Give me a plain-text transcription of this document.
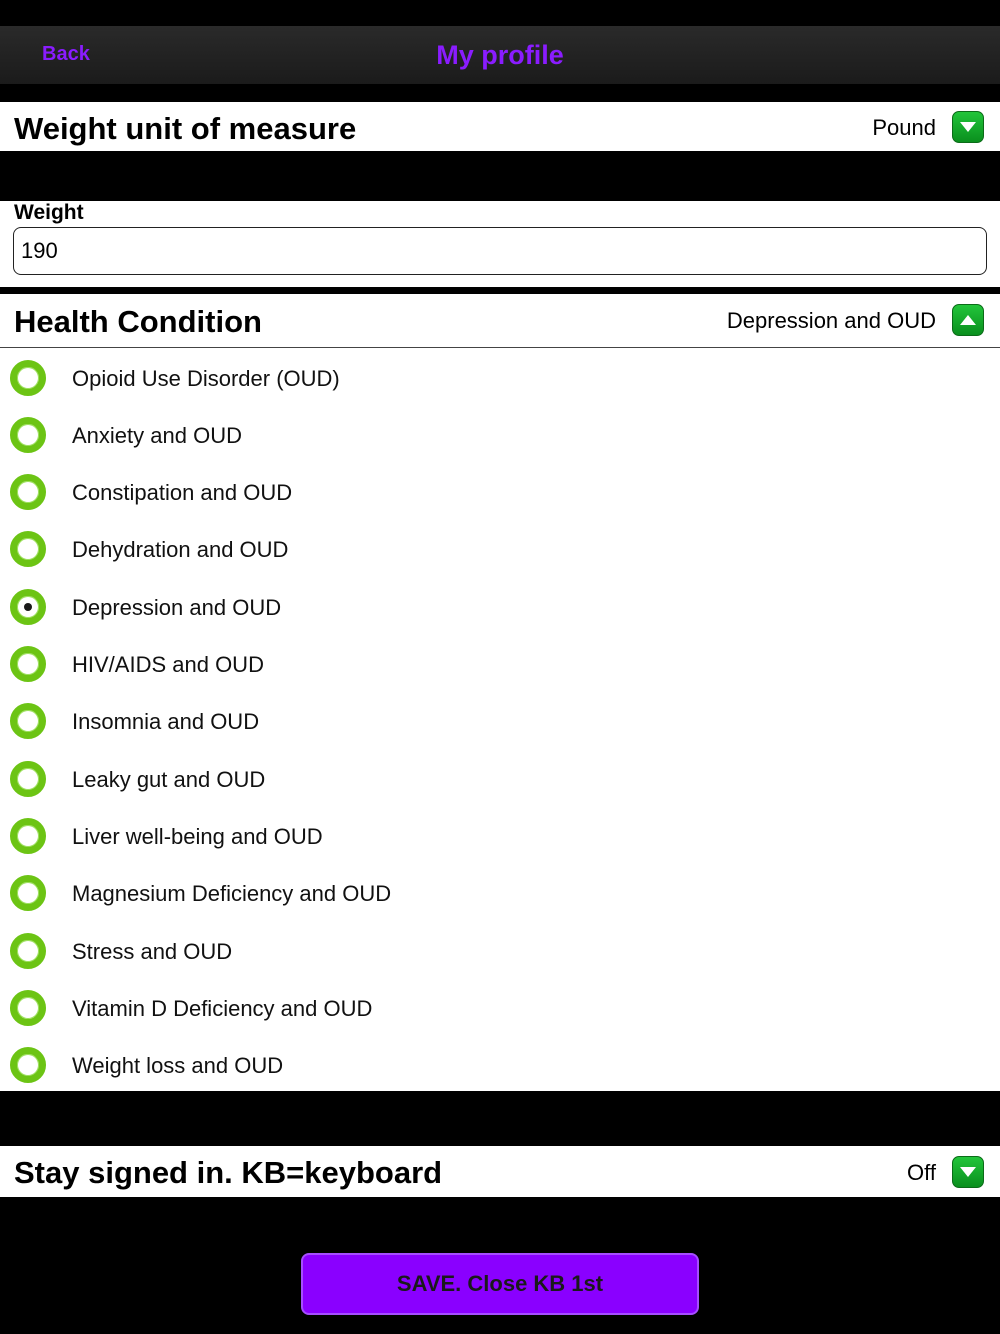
Back	My profile
Weight unit of measure	Pound
Weight
190
Health Condition	Depression and OUD
Opioid Use Disorder (OUD)
Anxiety and OUD
Constipation and OUD
Dehydration and OUD
Depression and OUD
HIV/AIDS and OUD
Insomnia and OUD
Leaky gut and OUD
Liver well-being and OUD
Magnesium Deficiency and OUD
Stress and OUD
Vitamin D Deficiency and OUD
Weight loss and OUD
Stay signed in. KB=keyboard	Off
SAVE. Close KB 1st
